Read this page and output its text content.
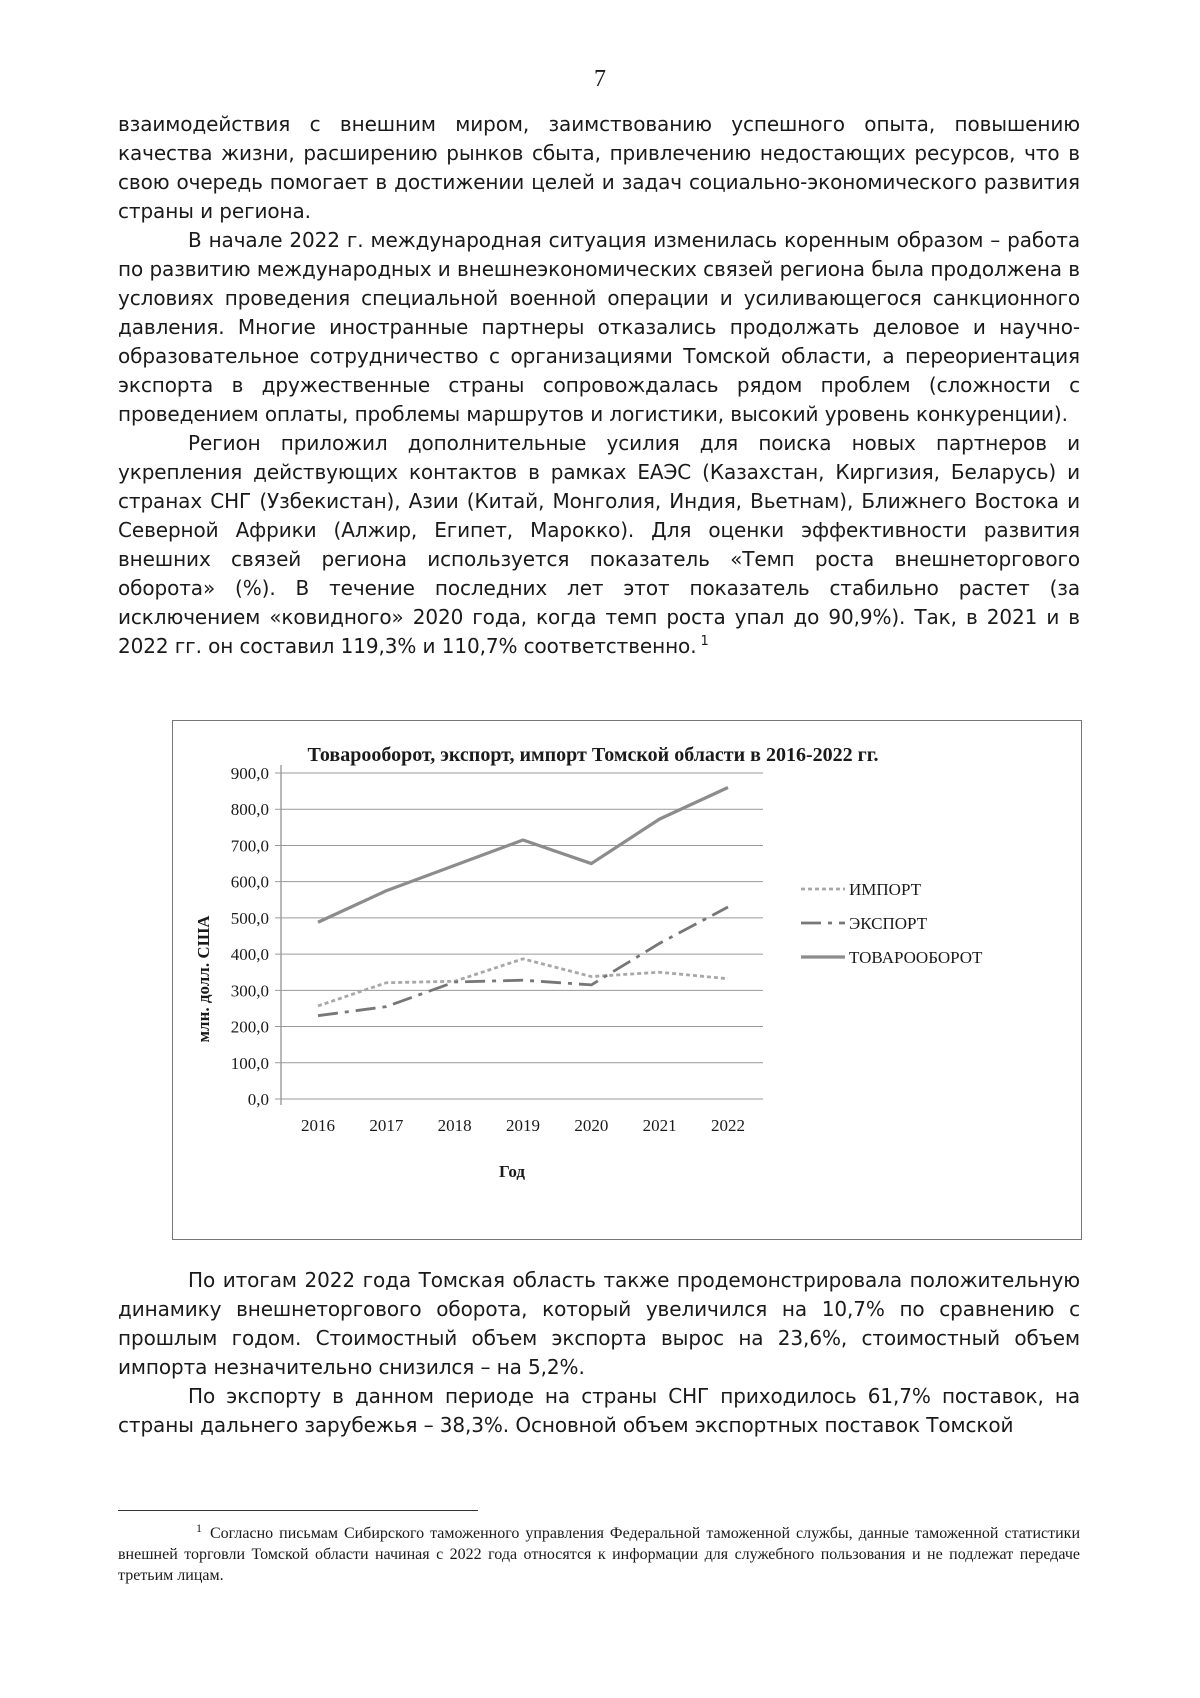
7

взаимодействия с внешним миром, заимствованию успешного опыта, повышению качества жизни, расширению рынков сбыта, привлечению недостающих ресурсов, что в свою очередь помогает в достижении целей и задач социально-экономического развития страны и региона.

В начале 2022 г. международная ситуация изменилась коренным образом – работа по развитию международных и внешнеэкономических связей региона была продолжена в условиях проведения специальной военной операции и усиливающегося санкционного давления. Многие иностранные партнеры отказались продолжать деловое и научно-образовательное сотрудничество с организациями Томской области, а переориентация экспорта в дружественные страны сопровождалась рядом проблем (сложности с проведением оплаты, проблемы маршрутов и логистики, высокий уровень конкуренции).

Регион приложил дополнительные усилия для поиска новых партнеров и укрепления действующих контактов в рамках ЕАЭС (Казахстан, Киргизия, Беларусь) и странах СНГ (Узбекистан), Азии (Китай, Монголия, Индия, Вьетнам), Ближнего Востока и Северной Африки (Алжир, Египет, Марокко). Для оценки эффективности развития внешних связей региона используется показатель «Темп роста внешнеторгового оборота» (%). В течение последних лет этот показатель стабильно растет (за исключением «ковидного» 2020 года, когда темп роста упал до 90,9%). Так, в 2021 и в 2022 гг. он составил 119,3% и 110,7% соответственно. $^1$

Товарооборот, экспорт, импорт Томской области в 2016-2022 гг.
0,0
100,0
200,0
300,0
400,0
500,0
600,0
700,0
800,0
900,0
2016 2017 2018 2019 2020 2021 2022
Год
млн. долл. США
ИМПОРТ
ЭКСПОРТ
ТОВАРООБОРОТ

По итогам 2022 года Томская область также продемонстрировала положительную динамику внешнеторгового оборота, который увеличился на 10,7% по сравнению с прошлым годом. Стоимостный объем экспорта вырос на 23,6%, стоимостный объем импорта незначительно снизился – на 5,2%.

По экспорту в данном периоде на страны СНГ приходилось 61,7% поставок, на страны дальнего зарубежья – 38,3%. Основной объем экспортных поставок Томской

$^1$ Согласно письмам Сибирского таможенного управления Федеральной таможенной службы, данные таможенной статистики внешней торговли Томской области начиная с 2022 года относятся к информации для служебного пользования и не подлежат передаче третьим лицам.
